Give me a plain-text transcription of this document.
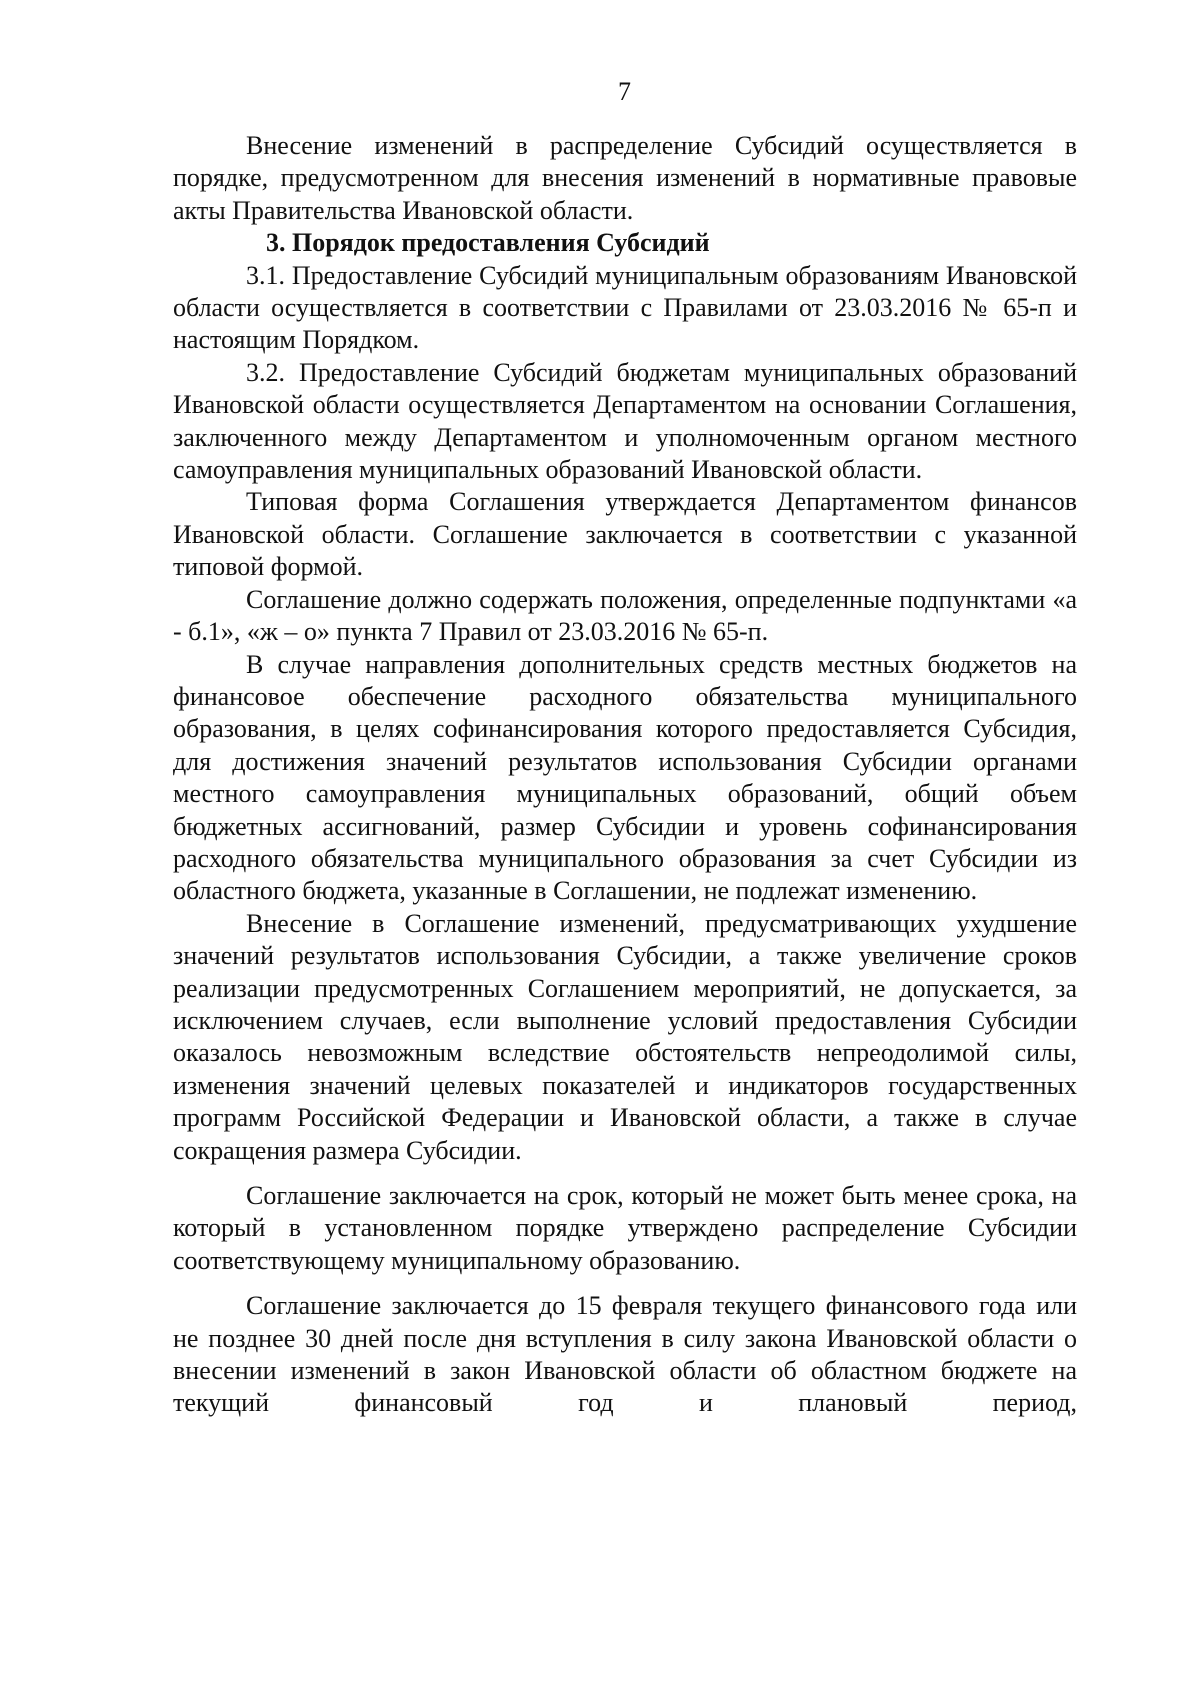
7

Внесение изменений в распределение Субсидий осуществляется в порядке, предусмотренном для внесения изменений в нормативные правовые акты Правительства Ивановской области.

3. Порядок предоставления Субсидий

3.1. Предоставление Субсидий муниципальным образованиям Ивановской области осуществляется в соответствии с Правилами от 23.03.2016 № 65-п и настоящим Порядком.

3.2. Предоставление Субсидий бюджетам муниципальных образований Ивановской области осуществляется Департаментом на основании Соглашения, заключенного между Департаментом и уполномоченным органом местного самоуправления муниципальных образований Ивановской области.

Типовая форма Соглашения утверждается Департаментом финансов Ивановской области. Соглашение заключается в соответствии с указанной типовой формой.

Соглашение должно содержать положения, определенные подпунктами «а - б.1», «ж – о» пункта 7 Правил от 23.03.2016 № 65-п.

В случае направления дополнительных средств местных бюджетов на финансовое обеспечение расходного обязательства муниципального образования, в целях софинансирования которого предоставляется Субсидия, для достижения значений результатов использования Субсидии органами местного самоуправления муниципальных образований, общий объем бюджетных ассигнований, размер Субсидии и уровень софинансирования расходного обязательства муниципального образования за счет Субсидии из областного бюджета, указанные в Соглашении, не подлежат изменению.

Внесение в Соглашение изменений, предусматривающих ухудшение значений результатов использования Субсидии, а также увеличение сроков реализации предусмотренных Соглашением мероприятий, не допускается, за исключением случаев, если выполнение условий предоставления Субсидии оказалось невозможным вследствие обстоятельств непреодолимой силы, изменения значений целевых показателей и индикаторов государственных программ Российской Федерации и Ивановской области, а также в случае сокращения размера Субсидии.

Соглашение заключается на срок, который не может быть менее срока, на который в установленном порядке утверждено распределение Субсидии соответствующему муниципальному образованию.

Соглашение заключается до 15 февраля текущего финансового года или не позднее 30 дней после дня вступления в силу закона Ивановской области о внесении изменений в закон Ивановской области об областном бюджете на текущий финансовый год и плановый период,
